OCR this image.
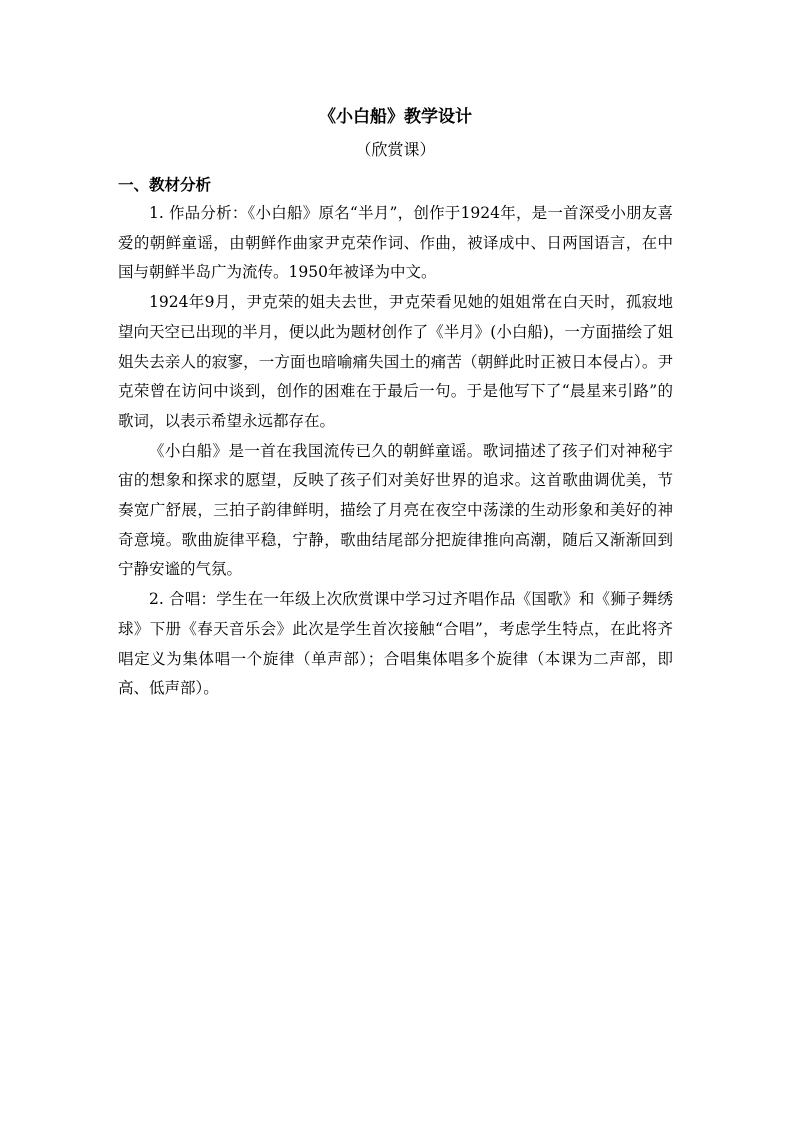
《小白船》教学设计

（欣赏课）

一、教材分析

1. 作品分析：《小白船》原名“半月”，创作于1924年，是一首深受小朋友喜爱的朝鲜童谣，由朝鲜作曲家尹克荣作词、作曲，被译成中、日两国语言，在中国与朝鲜半岛广为流传。1950年被译为中文。

1924年9月，尹克荣的姐夫去世，尹克荣看见她的姐姐常在白天时，孤寂地望向天空已出现的半月，便以此为题材创作了《半月》(小白船)，一方面描绘了姐姐失去亲人的寂寥，一方面也暗喻痛失国土的痛苦（朝鲜此时正被日本侵占）。尹克荣曾在访问中谈到，创作的困难在于最后一句。于是他写下了“晨星来引路”的歌词，以表示希望永远都存在。

《小白船》是一首在我国流传已久的朝鲜童谣。歌词描述了孩子们对神秘宇宙的想象和探求的愿望，反映了孩子们对美好世界的追求。这首歌曲调优美，节奏宽广舒展，三拍子韵律鲜明，描绘了月亮在夜空中荡漾的生动形象和美好的神奇意境。歌曲旋律平稳，宁静，歌曲结尾部分把旋律推向高潮，随后又渐渐回到宁静安谧的气氛。

2. 合唱：学生在一年级上次欣赏课中学习过齐唱作品《国歌》和《狮子舞绣球》下册《春天音乐会》此次是学生首次接触“合唱”，考虑学生特点，在此将齐唱定义为集体唱一个旋律（单声部）；合唱集体唱多个旋律（本课为二声部，即高、低声部）。
